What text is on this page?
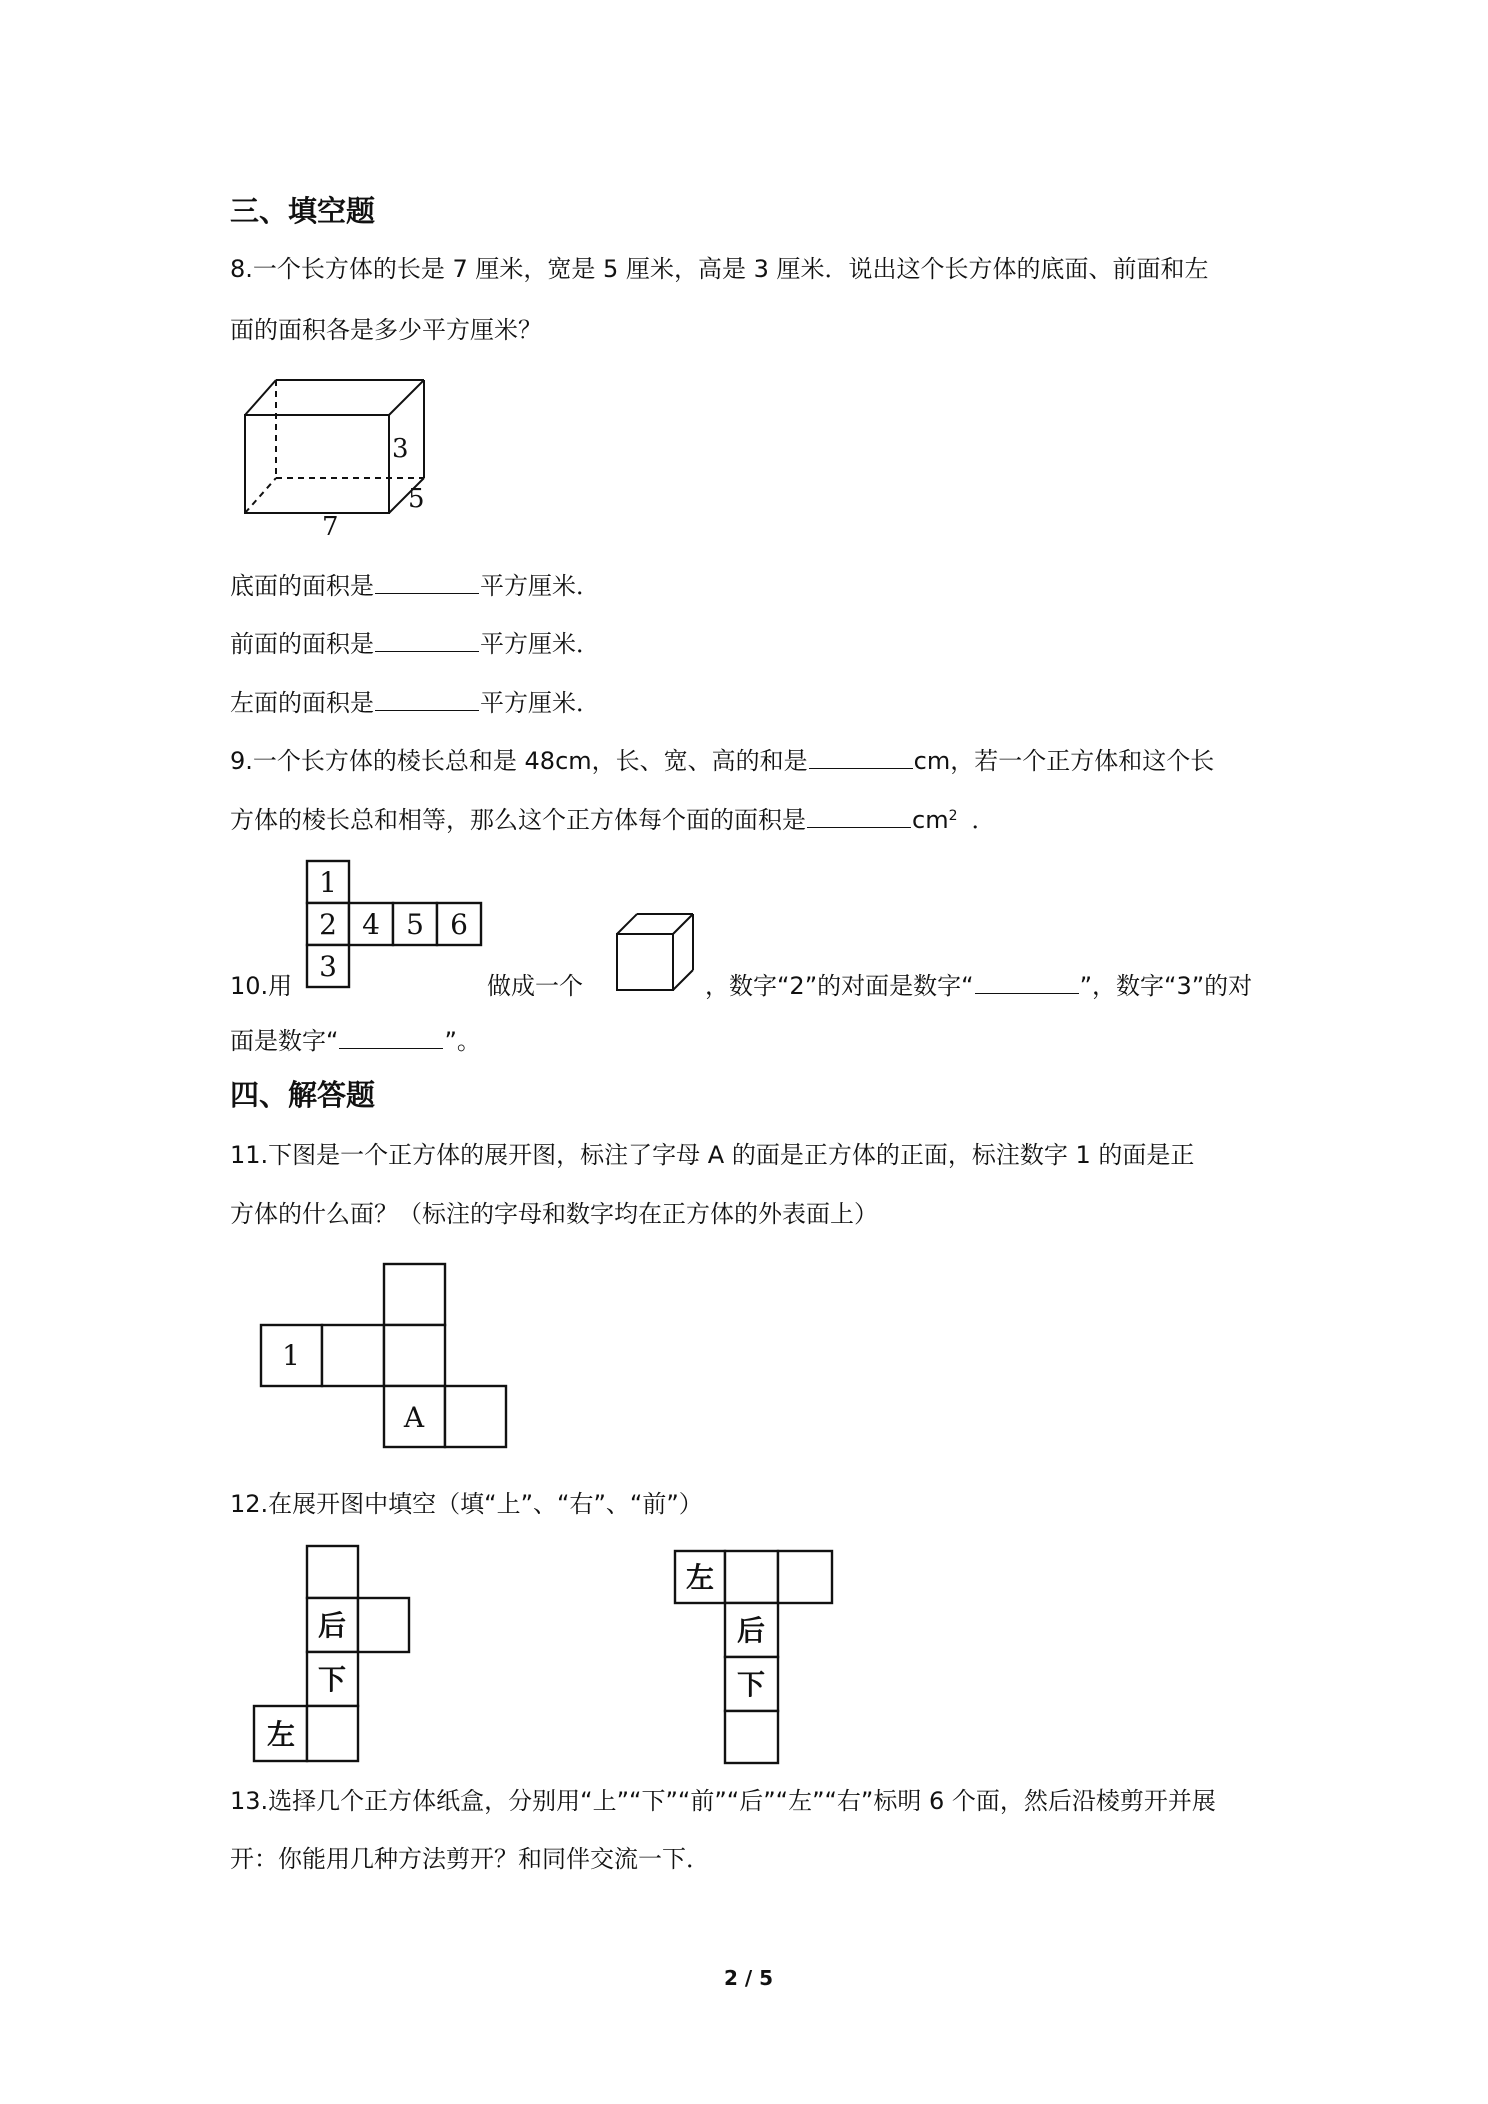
三、填空题
8.一个长方体的长是 7 厘米，宽是 5 厘米，高是 3 厘米．说出这个长方体的底面、前面和左
面的面积各是多少平方厘米？
3
5
7
底面的面积是	平方厘米．
前面的面积是	平方厘米．
左面的面积是	平方厘米．
9.一个长方体的棱长总和是 48cm，长、宽、高的和是	cm，若一个正方体和这个长
方体的棱长总和相等，那么这个正方体每个面的面积是	$cm^2$ ．
1
2 4 5 6
3
10.用	做成一个	，数字“2”的对面是数字“	”，数字“3”的对
面是数字“	”。
四、解答题
11.下图是一个正方体的展开图，标注了字母 A 的面是正方体的正面，标注数字 1 的面是正
方体的什么面？（标注的字母和数字均在正方体的外表面上）
1
A
12.在展开图中填空（填“上”、“右”、“前”）
后
下
左
左
后
下
13.选择几个正方体纸盒，分别用“上”“下”“前”“后”“左”“右”标明 6 个面，然后沿棱剪开并展
开：你能用几种方法剪开？和同伴交流一下．
2 / 5
